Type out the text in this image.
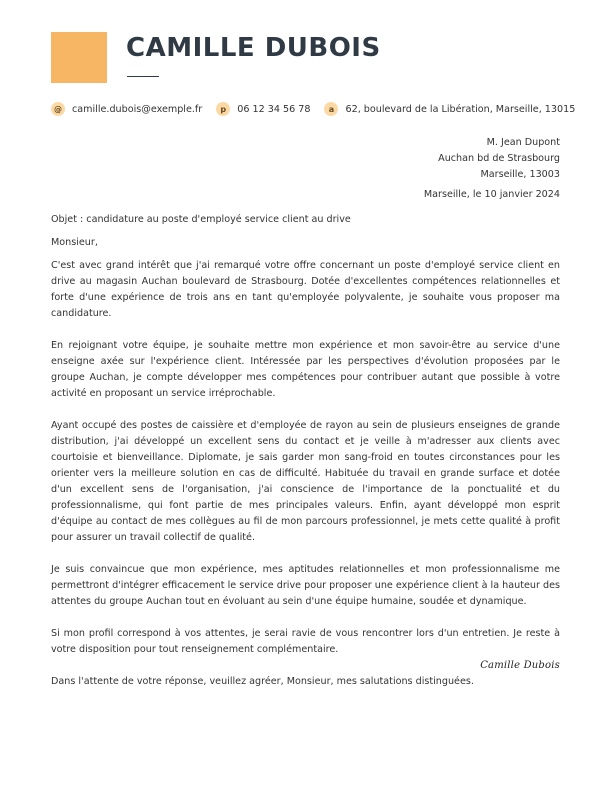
CAMILLE DUBOIS
@	camille.dubois@exemple.fr	p	06 12 34 56 78	a	62, boulevard de la Libération, Marseille, 13015
M. Jean Dupont
Auchan bd de Strasbourg
Marseille, 13003
Marseille, le 10 janvier 2024

Objet : candidature au poste d'employé service client au drive

Monsieur,

C'est avec grand intérêt que j'ai remarqué votre offre concernant un poste d'employé service client en drive au magasin Auchan boulevard de Strasbourg. Dotée d'excellentes compétences relationnelles et forte d'une expérience de trois ans en tant qu'employée polyvalente, je souhaite vous proposer ma candidature.

En rejoignant votre équipe, je souhaite mettre mon expérience et mon savoir-être au service d'une enseigne axée sur l'expérience client. Intéressée par les perspectives d'évolution proposées par le groupe Auchan, je compte développer mes compétences pour contribuer autant que possible à votre activité en proposant un service irréprochable.

Ayant occupé des postes de caissière et d'employée de rayon au sein de plusieurs enseignes de grande distribution, j'ai développé un excellent sens du contact et je veille à m'adresser aux clients avec courtoisie et bienveillance. Diplomate, je sais garder mon sang-froid en toutes circonstances pour les orienter vers la meilleure solution en cas de difficulté. Habituée du travail en grande surface et dotée d'un excellent sens de l'organisation, j'ai conscience de l'importance de la ponctualité et du professionnalisme, qui font partie de mes principales valeurs. Enfin, ayant développé mon esprit d'équipe au contact de mes collègues au fil de mon parcours professionnel, je mets cette qualité à profit pour assurer un travail collectif de qualité.

Je suis convaincue que mon expérience, mes aptitudes relationnelles et mon professionnalisme me permettront d'intégrer efficacement le service drive pour proposer une expérience client à la hauteur des attentes du groupe Auchan tout en évoluant au sein d'une équipe humaine, soudée et dynamique.

Si mon profil correspond à vos attentes, je serai ravie de vous rencontrer lors d'un entretien. Je reste à votre disposition pour tout renseignement complémentaire.

Dans l'attente de votre réponse, veuillez agréer, Monsieur, mes salutations distinguées.

Camille Dubois
